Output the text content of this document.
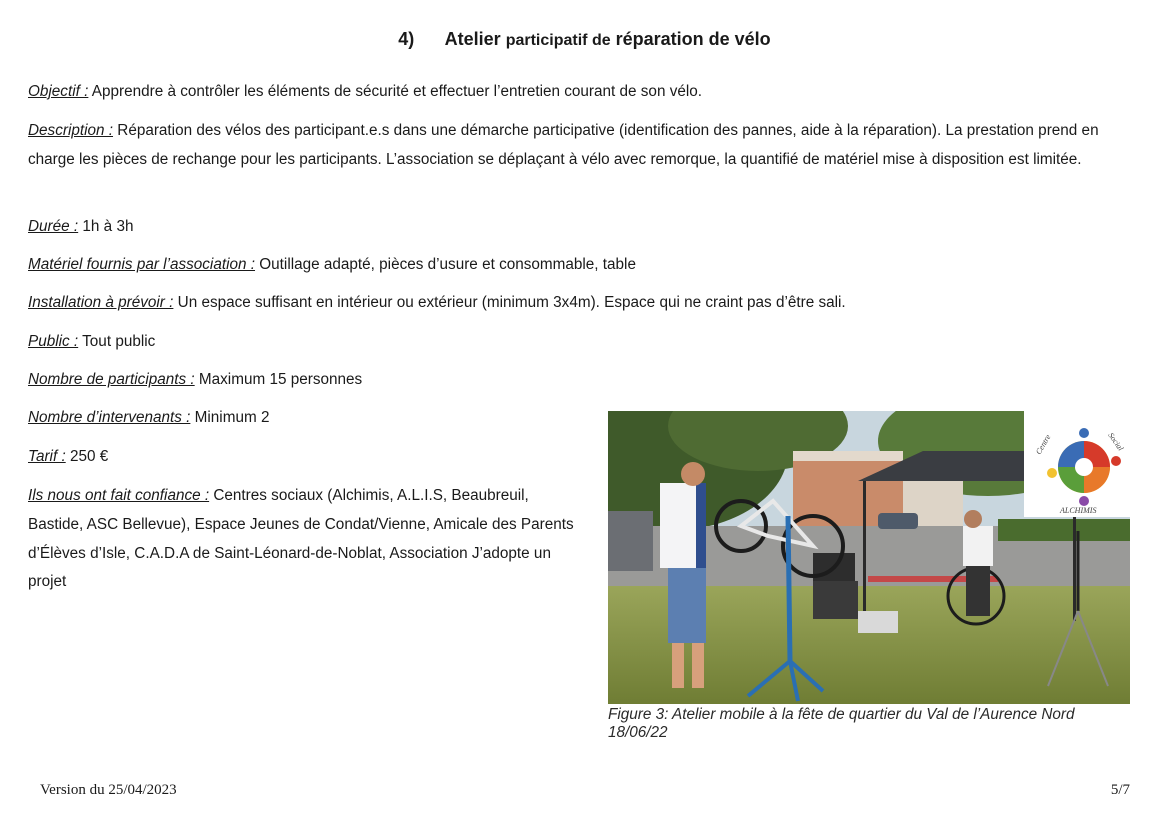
4) Atelier participatif de réparation de vélo

Objectif : Apprendre à contrôler les éléments de sécurité et effectuer l’entretien courant de son vélo.

Description : Réparation des vélos des participant.e.s dans une démarche participative (identification des pannes, aide à la réparation). La prestation prend en charge les pièces de rechange pour les participants. L’association se déplaçant à vélo avec remorque, la quantifié de matériel mise à disposition est limitée.

Durée : 1h à 3h

Matériel fournis par l’association : Outillage adapté, pièces d’usure et consommable, table

Installation à prévoir : Un espace suffisant en intérieur ou extérieur (minimum 3x4m). Espace qui ne craint pas d’être sali.

Public : Tout public

Nombre de participants : Maximum 15 personnes

Nombre d’intervenants : Minimum 2

Tarif : 250 €

Ils nous ont fait confiance : Centres sociaux (Alchimis, A.L.I.S, Beaubreuil, Bastide, ASC Bellevue), Espace Jeunes de Condat/Vienne, Amicale des Parents d’Élèves d’Isle, C.A.D.A de Saint-Léonard-de-Noblat, Association J’adopte un projet

Centre	Social
ALCHIMIS
Figure 3: Atelier mobile à la fête de quartier du Val de l’Aurence Nord 18/06/22
Version du 25/04/2023	5/7
